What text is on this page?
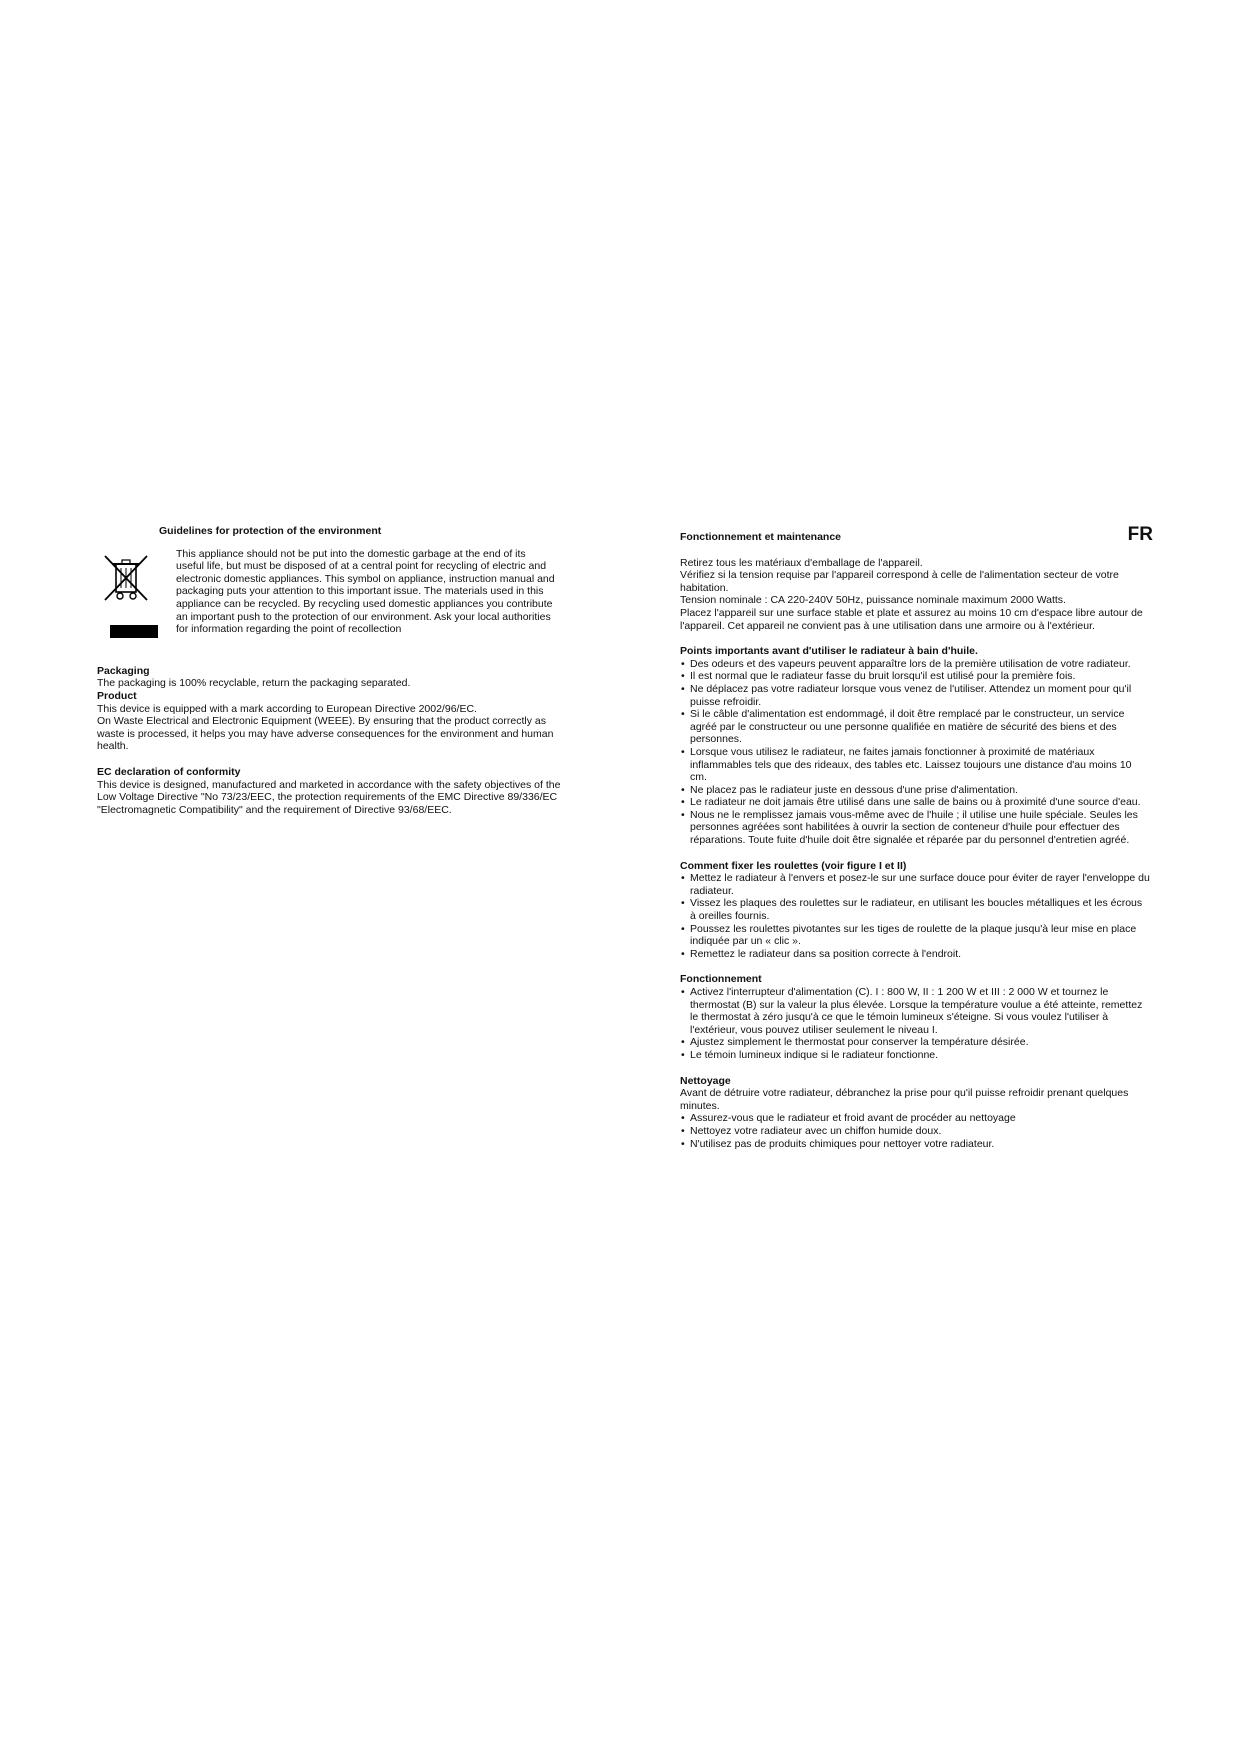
Guidelines for protection of the environment

This appliance should not be put into the domestic garbage at the end of its useful life, but must be disposed of at a central point for recycling of electric and electronic domestic appliances. This symbol on appliance, instruction manual and packaging puts your attention to this important issue. The materials used in this appliance can be recycled. By recycling used domestic appliances you contribute an important push to the protection of our environment. Ask your local authorities for information regarding the point of recollection

Packaging

The packaging is 100% recyclable, return the packaging separated.

Product

This device is equipped with a mark according to European Directive 2002/96/EC.

On Waste Electrical and Electronic Equipment (WEEE). By ensuring that the product correctly as waste is processed, it helps you may have adverse consequences for the environment and human health.

EC declaration of conformity

This device is designed, manufactured and marketed in accordance with the safety objectives of the Low Voltage Directive "No 73/23/EEC, the protection requirements of the EMC Directive 89/336/EC "Electromagnetic Compatibility" and the requirement of Directive 93/68/EEC.

FR
Fonctionnement et maintenance

Retirez tous les matériaux d'emballage de l'appareil.

Vérifiez si la tension requise par l'appareil correspond à celle de l'alimentation secteur de votre habitation.

Tension nominale : CA 220-240V 50Hz, puissance nominale maximum 2000 Watts.

Placez l'appareil sur une surface stable et plate et assurez au moins 10 cm d'espace libre autour de l'appareil. Cet appareil ne convient pas à une utilisation dans une armoire ou à l'extérieur.

Points importants avant d'utiliser le radiateur à bain d'huile.
• Des odeurs et des vapeurs peuvent apparaître lors de la première utilisation de votre radiateur.
• Il est normal que le radiateur fasse du bruit lorsqu'il est utilisé pour la première fois.
• Ne déplacez pas votre radiateur lorsque vous venez de l'utiliser. Attendez un moment pour qu'il puisse refroidir.
• Si le câble d'alimentation est endommagé, il doit être remplacé par le constructeur, un service agréé par le constructeur ou une personne qualifiée en matière de sécurité des biens et des personnes.
• Lorsque vous utilisez le radiateur, ne faites jamais fonctionner à proximité de matériaux inflammables tels que des rideaux, des tables etc. Laissez toujours une distance d'au moins 10 cm.
• Ne placez pas le radiateur juste en dessous d'une prise d'alimentation.
• Le radiateur ne doit jamais être utilisé dans une salle de bains ou à proximité d'une source d'eau.
• Nous ne le remplissez jamais vous-même avec de l'huile ; il utilise une huile spéciale. Seules les personnes agréées sont habilitées à ouvrir la section de conteneur d'huile pour effectuer des réparations. Toute fuite d'huile doit être signalée et réparée par du personnel d'entretien agréé.
Comment fixer les roulettes (voir figure I et II)
• Mettez le radiateur à l'envers et posez-le sur une surface douce pour éviter de rayer l'enveloppe du radiateur.
• Vissez les plaques des roulettes sur le radiateur, en utilisant les boucles métalliques et les écrous à oreilles fournis.
• Poussez les roulettes pivotantes sur les tiges de roulette de la plaque jusqu'à leur mise en place indiquée par un « clic ».
• Remettez le radiateur dans sa position correcte à l'endroit.
Fonctionnement
• Activez l'interrupteur d'alimentation (C). I : 800 W, II : 1 200 W et III : 2 000 W et tournez le thermostat (B) sur la valeur la plus élevée. Lorsque la température voulue a été atteinte, remettez le thermostat à zéro jusqu'à ce que le témoin lumineux s'éteigne. Si vous voulez l'utiliser à l'extérieur, vous pouvez utiliser seulement le niveau I.
• Ajustez simplement le thermostat pour conserver la température désirée.
• Le témoin lumineux indique si le radiateur fonctionne.
Nettoyage

Avant de détruire votre radiateur, débranchez la prise pour qu'il puisse refroidir prenant quelques minutes.

• Assurez-vous que le radiateur et froid avant de procéder au nettoyage
• Nettoyez votre radiateur avec un chiffon humide doux.
• N'utilisez pas de produits chimiques pour nettoyer votre radiateur.
